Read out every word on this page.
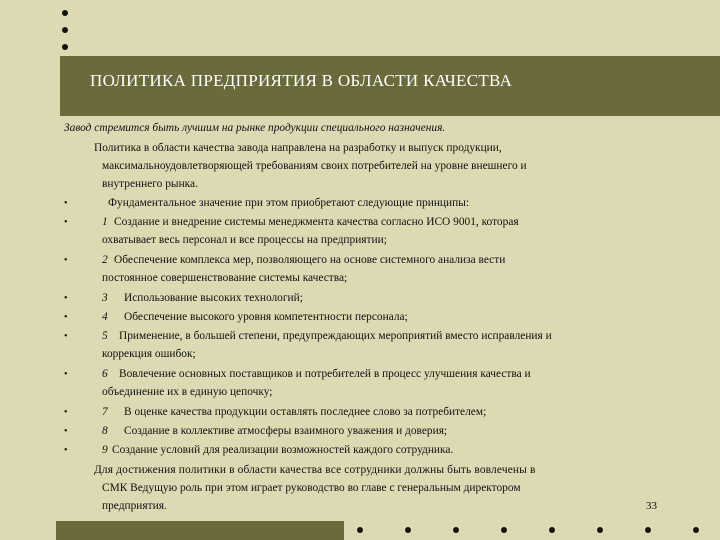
ПОЛИТИКА ПРЕДПРИЯТИЯ В ОБЛАСТИ КАЧЕСТВА
Завод стремится быть лучшим на рынке продукции специального назначения.
Политика в области качества завода направлена на разработку и выпуск продукции,
максимальноудовлетворяющей требованиям своих потребителей на уровне внешнего и
внутреннего рынка.
•	Фундаментальное значение при этом приобретают следующие принципы:
•	1 Создание и внедрение системы менеджмента качества согласно ИСО 9001, которая
охватывает весь персонал и все процессы на предприятии;
•	2 Обеспечение комплекса мер, позволяющего на основе системного анализа вести
постоянное совершенствование системы качества;
•	3 Использование высоких технологий;
•	4 Обеспечение высокого уровня компетентности персонала;
•	5 Применение, в большей степени, предупреждающих мероприятий вместо исправления и
коррекция ошибок;
•	6 Вовлечение основных поставщиков и потребителей в процесс улучшения качества и
объединение их в единую цепочку;
•	7 В оценке качества продукции оставлять последнее слово за потребителем;
•	8 Создание в коллективе атмосферы взаимного уважения и доверия;
•	9 Создание условий для реализации возможностей каждого сотрудника.
Для достижения политики в области качества все сотрудники должны быть вовлечены в
СМК Ведущую роль при этом играет руководство во главе с генеральным директором
предприятия.	33
